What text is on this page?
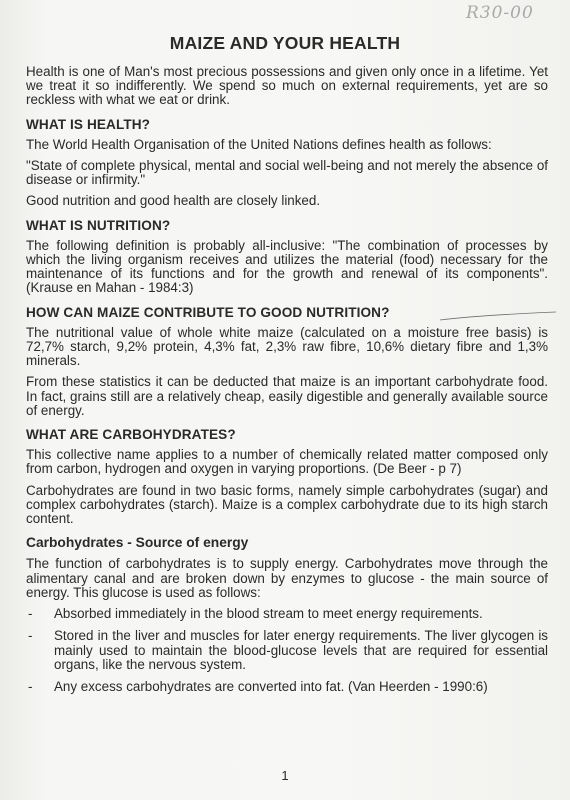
R30-00
MAIZE AND YOUR HEALTH

Health is one of Man's most precious possessions and given only once in a lifetime. Yet we treat it so indifferently. We spend so much on external requirements, yet are so reckless with what we eat or drink.

WHAT IS HEALTH?

The World Health Organisation of the United Nations defines health as follows:

"State of complete physical, mental and social well-being and not merely the absence of disease or infirmity."

Good nutrition and good health are closely linked.

WHAT IS NUTRITION?

The following definition is probably all-inclusive: "The combination of processes by which the living organism receives and utilizes the material (food) necessary for the maintenance of its functions and for the growth and renewal of its components". (Krause en Mahan - 1984:3)

HOW CAN MAIZE CONTRIBUTE TO GOOD NUTRITION?

The nutritional value of whole white maize (calculated on a moisture free basis) is 72,7% starch, 9,2% protein, 4,3% fat, 2,3% raw fibre, 10,6% dietary fibre and 1,3% minerals.

From these statistics it can be deducted that maize is an important carbohydrate food. In fact, grains still are a relatively cheap, easily digestible and generally available source of energy.

WHAT ARE CARBOHYDRATES?

This collective name applies to a number of chemically related matter composed only from carbon, hydrogen and oxygen in varying proportions. (De Beer - p 7)

Carbohydrates are found in two basic forms, namely simple carbohydrates (sugar) and complex carbohydrates (starch). Maize is a complex carbohydrate due to its high starch content.

Carbohydrates - Source of energy

The function of carbohydrates is to supply energy. Carbohydrates move through the alimentary canal and are broken down by enzymes to glucose - the main source of energy. This glucose is used as follows:

- Absorbed immediately in the blood stream to meet energy requirements.
- Stored in the liver and muscles for later energy requirements. The liver glycogen is mainly used to maintain the blood-glucose levels that are required for essential organs, like the nervous system.
- Any excess carbohydrates are converted into fat. (Van Heerden - 1990:6)
1
